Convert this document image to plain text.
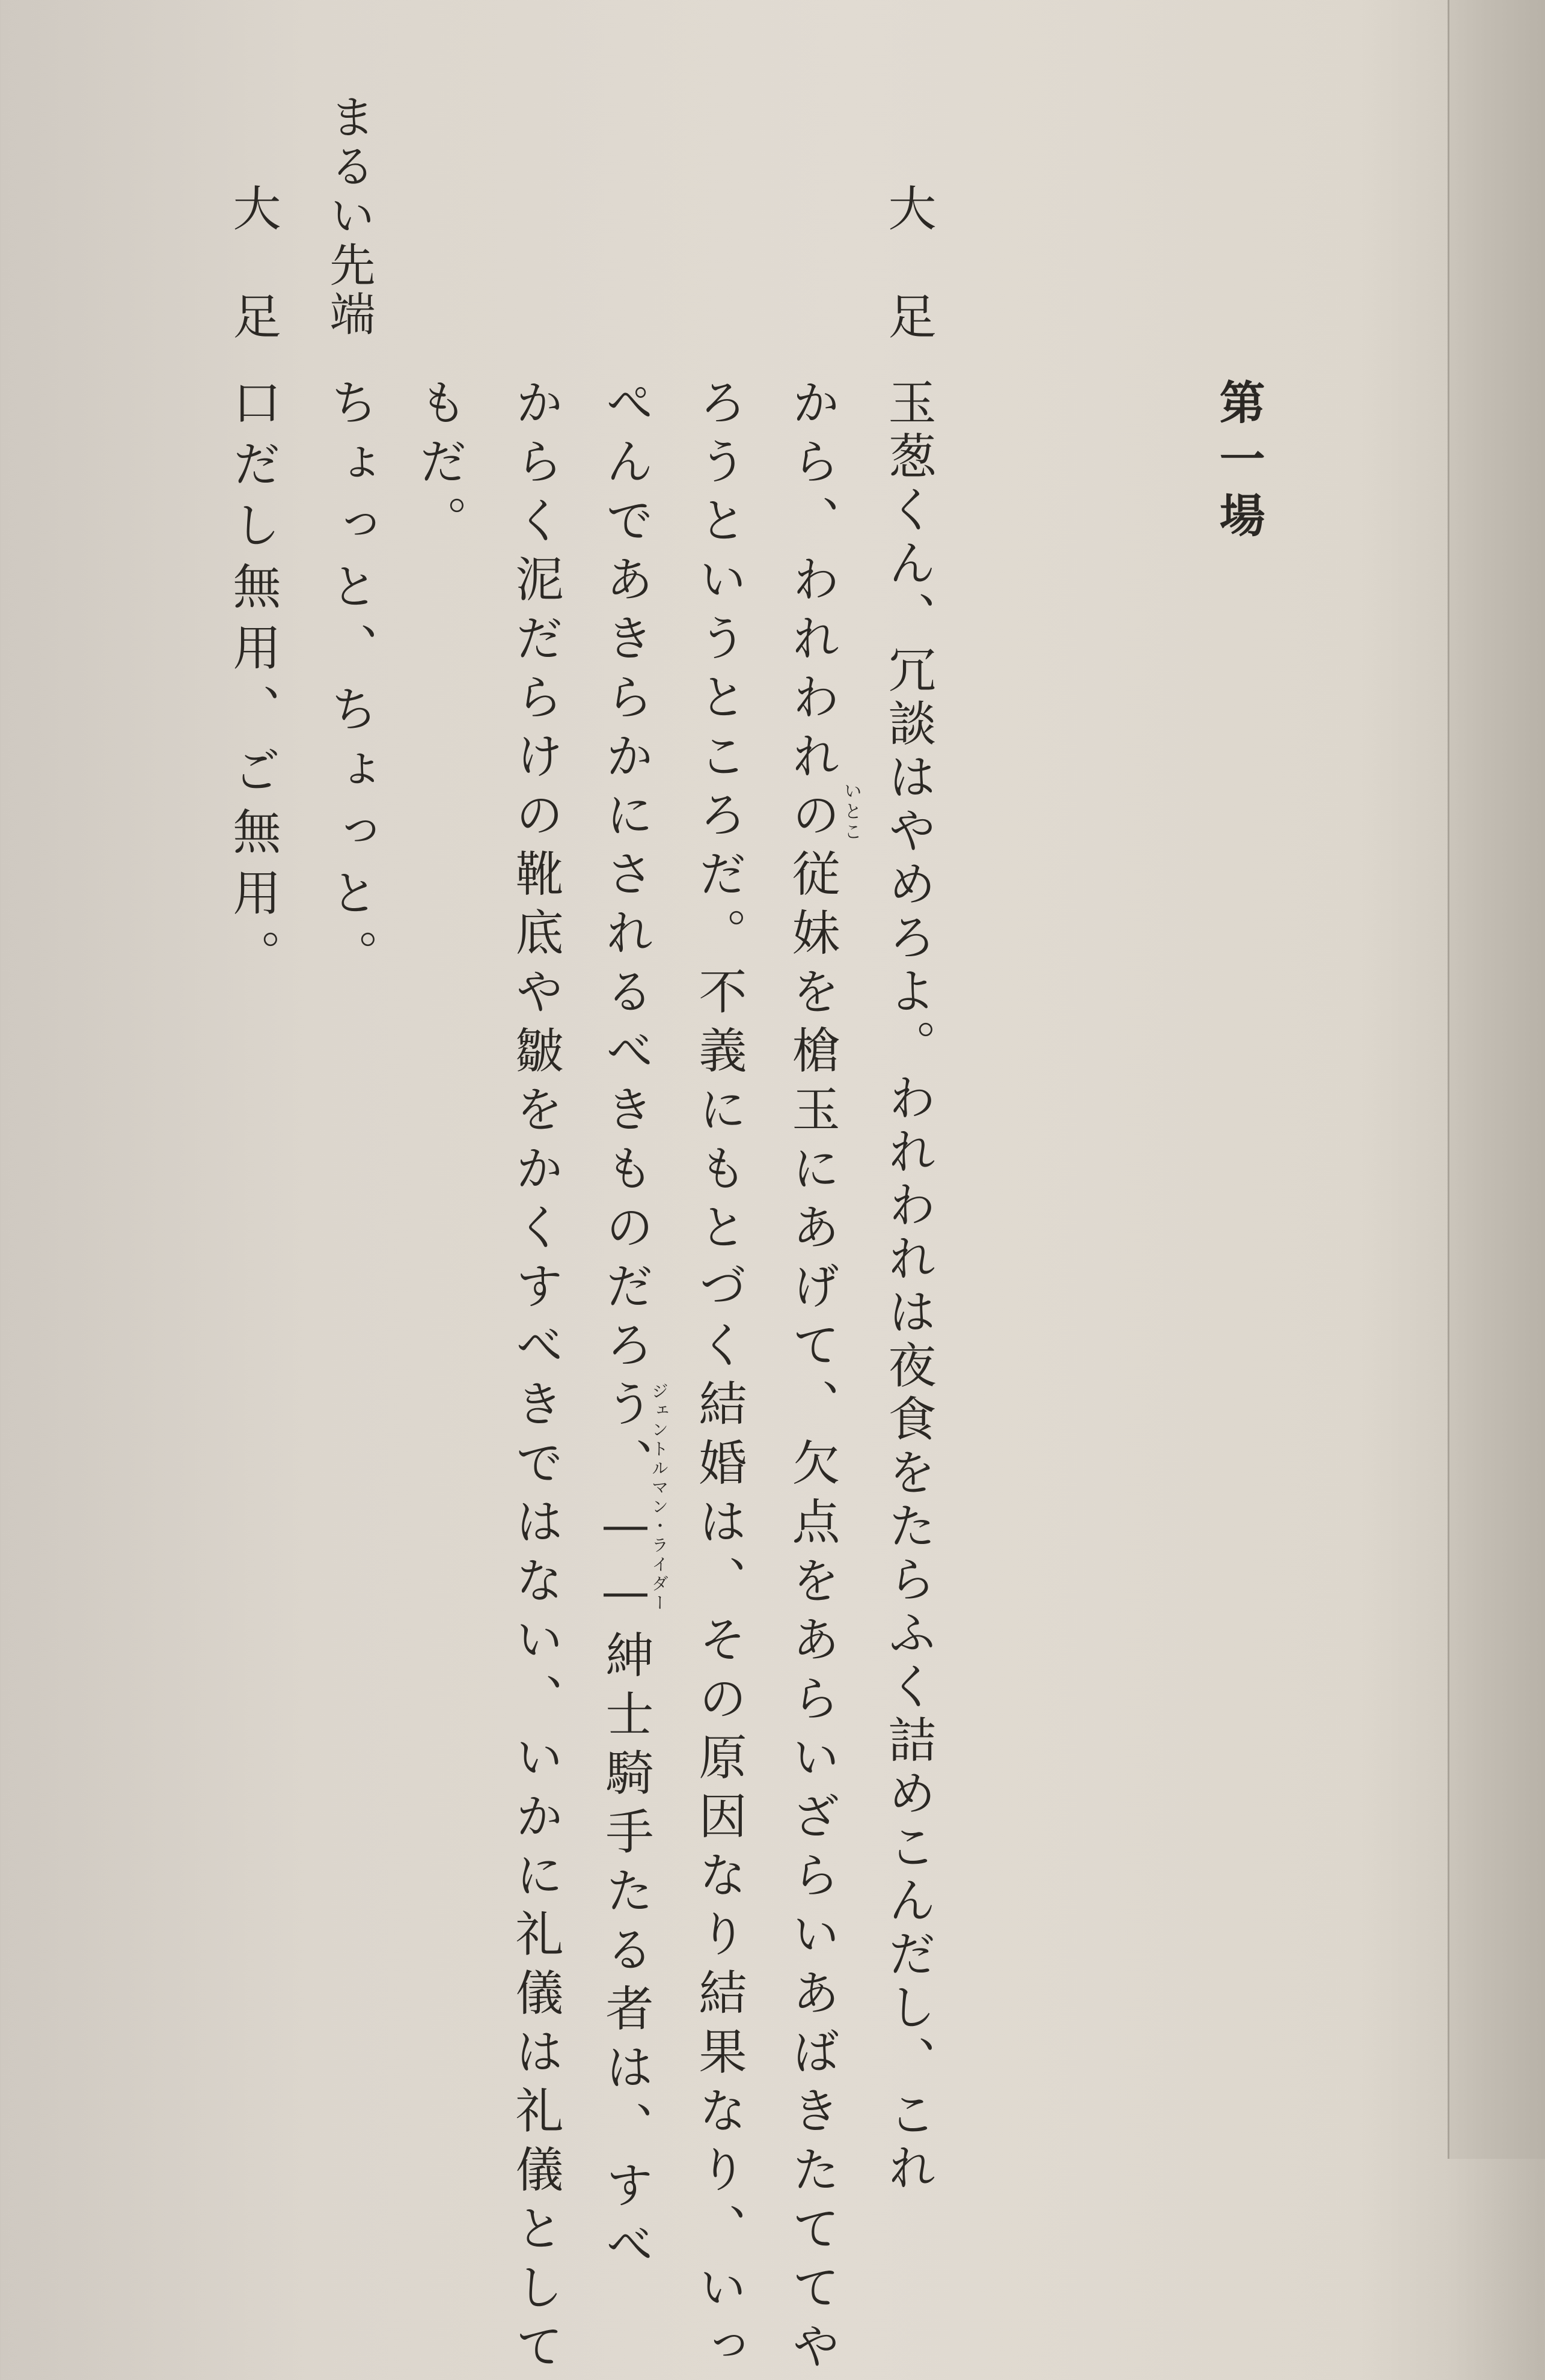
第一場
大足
まるい先端
大足
玉葱くん、冗談はやめろよ。われわれは夜食をたらふく詰めこんだし、これ
から、われわれの従妹を槍玉にあげて、欠点をあらいざらいあばきたててや
ろうというところだ。不義にもとづく結婚は、その原因なり結果なり、いっ
ぺんであきらかにされるべきものだろう、——紳士騎手たる者は、すべ
からく泥だらけの靴底や皺をかくすべきではない、いかに礼儀は礼儀として
もだ。
ちょっと、ちょっと。
口だし無用、ご無用。	いとこ
ジェントルマン・ライダー
